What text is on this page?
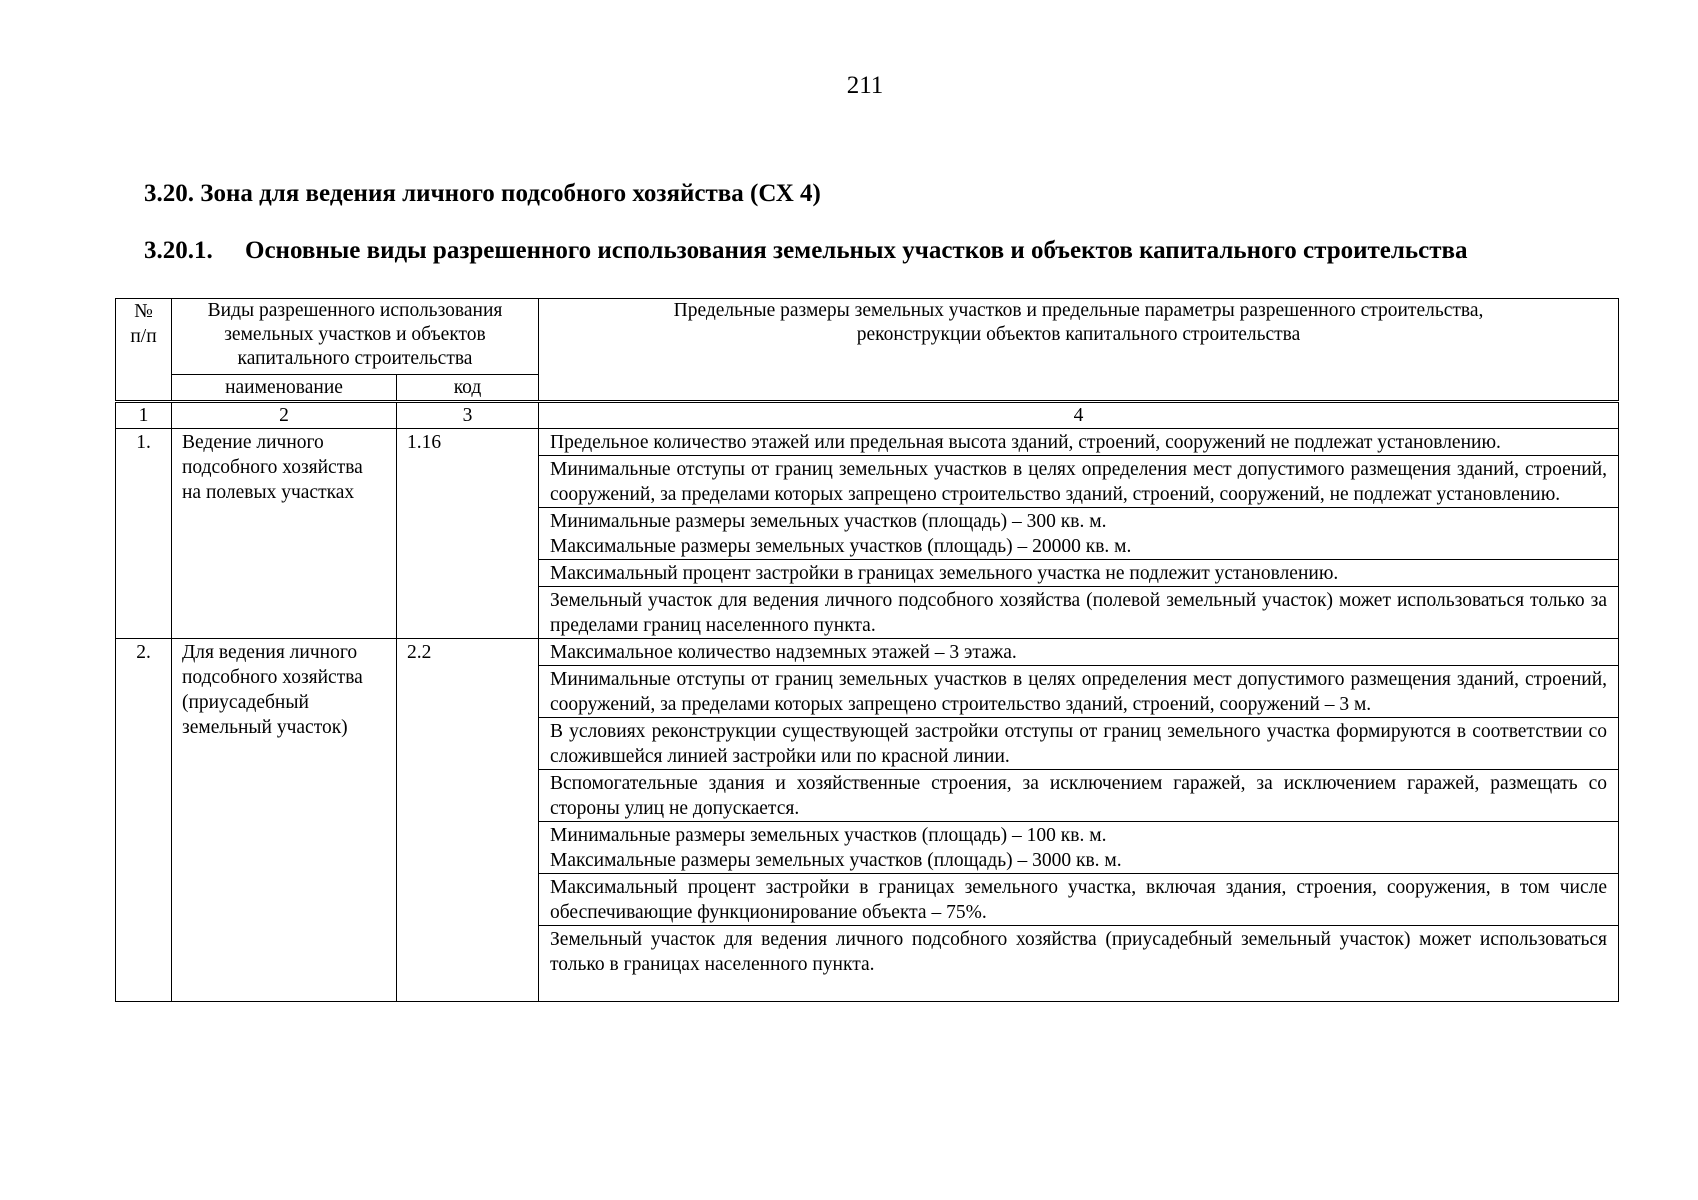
211
3.20. Зона для ведения личного подсобного хозяйства (СХ 4)
3.20.1. Основные виды разрешенного использования земельных участков и объектов капитального строительства
№
п/п	Виды разрешенного использования земельных участков и объектов капитального строительства		Предельные размеры земельных участков и предельные параметры разрешенного строительства, реконструкции объектов капитального строительства
	наименование	код	
1	2	3	4
1.	Ведение личного подсобного хозяйства на полевых участках	1.16	Предельное количество этажей или предельная высота зданий, строений, сооружений не подлежат установлению.
			Минимальные отступы от границ земельных участков в целях определения мест допустимого размещения зданий, строений, сооружений, за пределами которых запрещено строительство зданий, строений, сооружений, не подлежат установлению.
			Минимальные размеры земельных участков (площадь) – 300 кв. м.
Максимальные размеры земельных участков (площадь) – 20000 кв. м.
			Максимальный процент застройки в границах земельного участка не подлежит установлению.
			Земельный участок для ведения личного подсобного хозяйства (полевой земельный участок) может использоваться только за пределами границ населенного пункта.
2.	Для ведения личного подсобного хозяйства (приусадебный земельный участок)	2.2	Максимальное количество надземных этажей – 3 этажа.
			Минимальные отступы от границ земельных участков в целях определения мест допустимого размещения зданий, строений, сооружений, за пределами которых запрещено строительство зданий, строений, сооружений – 3 м.
			В условиях реконструкции существующей застройки отступы от границ земельного участка формируются в соответствии со сложившейся линией застройки или по красной линии.
			Вспомогательные здания и хозяйственные строения, за исключением гаражей, за исключением гаражей, размещать со стороны улиц не допускается.
			Минимальные размеры земельных участков (площадь) – 100 кв. м.
Максимальные размеры земельных участков (площадь) – 3000 кв. м.
			Максимальный процент застройки в границах земельного участка, включая здания, строения, сооружения, в том числе обеспечивающие функционирование объекта – 75%.
			Земельный участок для ведения личного подсобного хозяйства (приусадебный земельный участок) может использоваться только в границах населенного пункта.
